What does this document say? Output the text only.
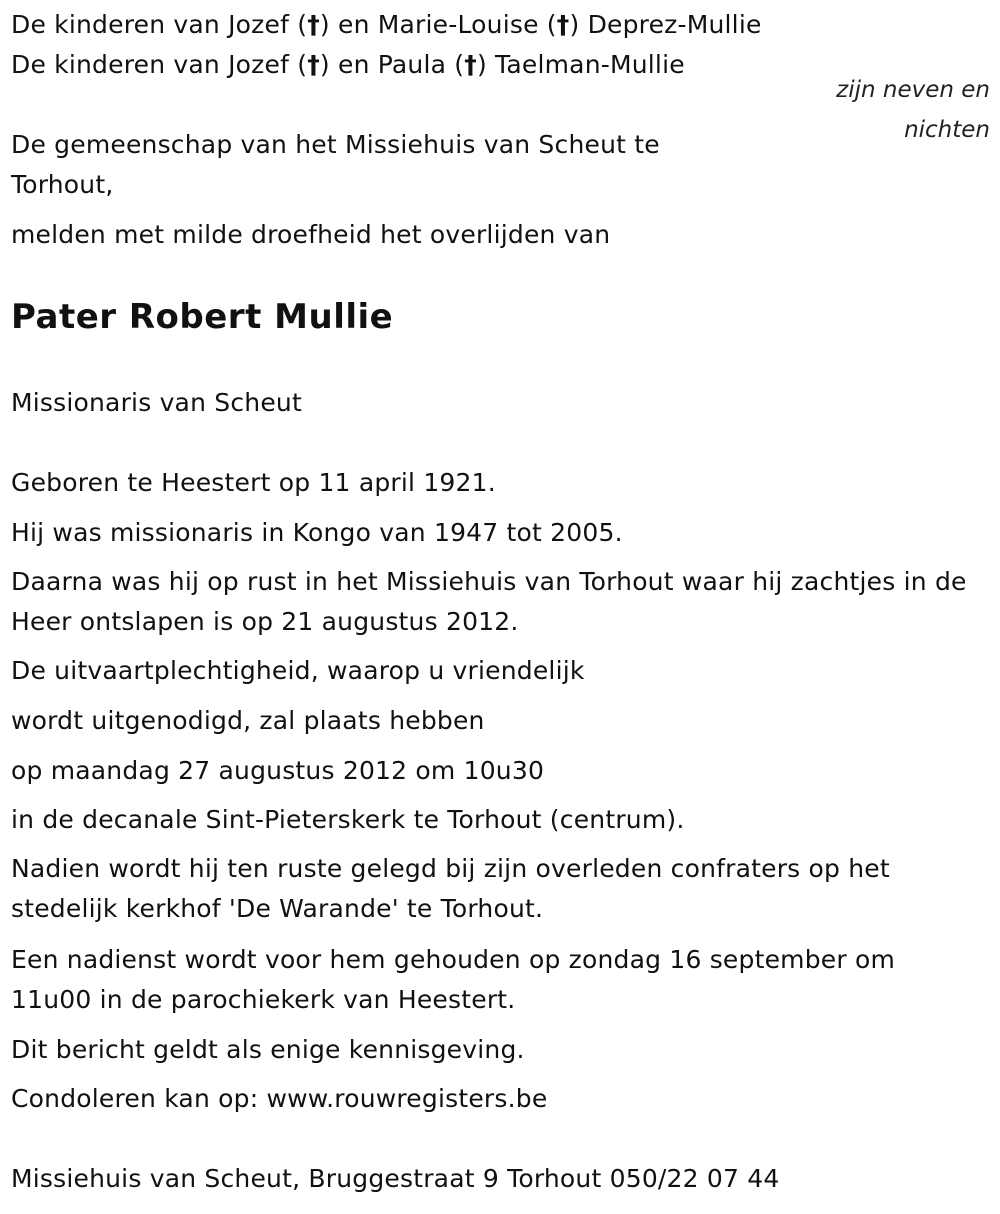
De kinderen van Jozef (†) en Marie-Louise (†) Deprez-Mullie
De kinderen van Jozef (†) en Paula (†) Taelman-Mullie
zijn neven en nichten
De gemeenschap van het Missiehuis van Scheut te Torhout,
melden met milde droefheid het overlijden van
Pater Robert Mullie
Missionaris van Scheut
Geboren te Heestert op 11 april 1921.
Hij was missionaris in Kongo van 1947 tot 2005.
Daarna was hij op rust in het Missiehuis van Torhout waar hij zachtjes in de Heer ontslapen is op 21 augustus 2012.
De uitvaartplechtigheid, waarop u vriendelijk
wordt uitgenodigd, zal plaats hebben
op maandag 27 augustus 2012 om 10u30
in de decanale Sint-Pieterskerk te Torhout (centrum).
Nadien wordt hij ten ruste gelegd bij zijn overleden confraters op het stedelijk kerkhof 'De Warande' te Torhout.
Een nadienst wordt voor hem gehouden op zondag 16 september om 11u00 in de parochiekerk van Heestert.
Dit bericht geldt als enige kennisgeving.
Condoleren kan op: www.rouwregisters.be
Missiehuis van Scheut, Bruggestraat 9 Torhout 050/22 07 44
